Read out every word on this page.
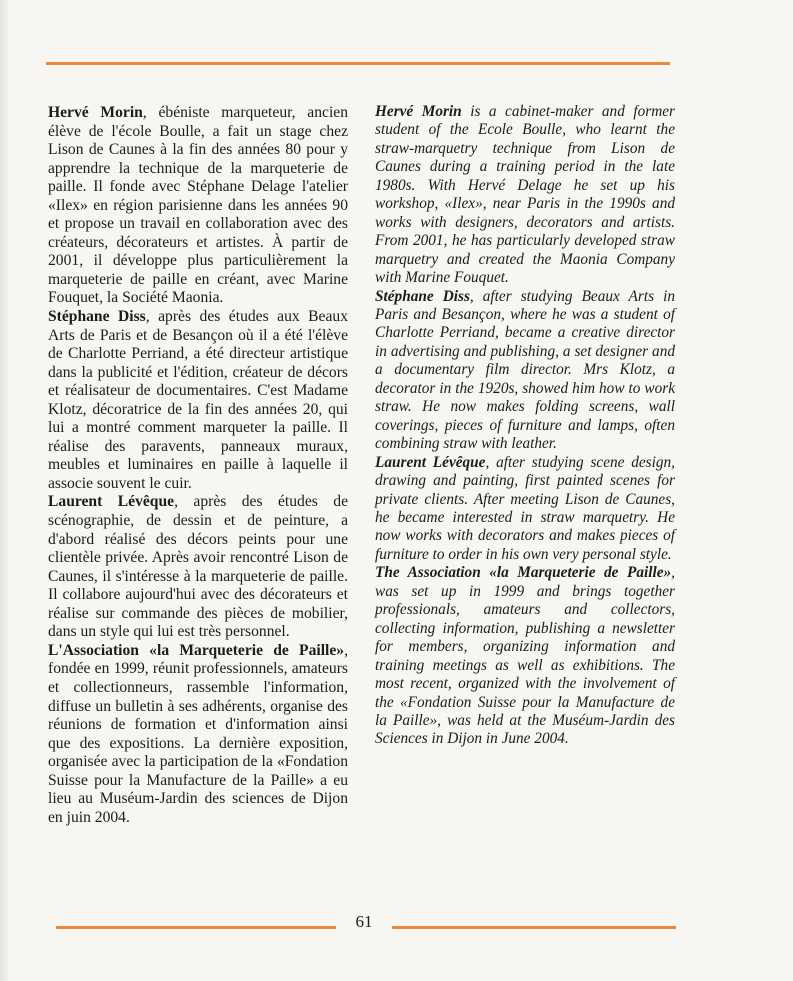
Hervé Morin, ébéniste marqueteur, ancien élève de l'école Boulle, a fait un stage chez Lison de Caunes à la fin des années 80 pour y apprendre la technique de la marqueterie de paille. Il fonde avec Stéphane Delage l'atelier «Ilex» en région parisienne dans les années 90 et propose un travail en collaboration avec des créateurs, décorateurs et artistes. À partir de 2001, il développe plus particulièrement la marqueterie de paille en créant, avec Marine Fouquet, la Société Maonia.

Stéphane Diss, après des études aux Beaux Arts de Paris et de Besançon où il a été l'élève de Charlotte Perriand, a été directeur artistique dans la publicité et l'édition, créateur de décors et réalisateur de documentaires. C'est Madame Klotz, décoratrice de la fin des années 20, qui lui a montré comment marqueter la paille. Il réalise des paravents, panneaux muraux, meubles et luminaires en paille à laquelle il associe souvent le cuir.

Laurent Lévêque, après des études de scénographie, de dessin et de peinture, a d'abord réalisé des décors peints pour une clientèle privée. Après avoir rencontré Lison de Caunes, il s'intéresse à la marqueterie de paille. Il collabore aujourd'hui avec des décorateurs et réalise sur commande des pièces de mobilier, dans un style qui lui est très personnel.

L'Association «la Marqueterie de Paille», fondée en 1999, réunit professionnels, amateurs et collectionneurs, rassemble l'information, diffuse un bulletin à ses adhérents, organise des réunions de formation et d'information ainsi que des expositions. La dernière exposition, organisée avec la participation de la «Fondation Suisse pour la Manufacture de la Paille» a eu lieu au Muséum-Jardin des sciences de Dijon en juin 2004.

Hervé Morin is a cabinet-maker and former student of the Ecole Boulle, who learnt the straw-marquetry technique from Lison de Caunes during a training period in the late 1980s. With Hervé Delage he set up his workshop, «Ilex», near Paris in the 1990s and works with designers, decorators and artists. From 2001, he has particularly developed straw marquetry and created the Maonia Company with Marine Fouquet.

Stéphane Diss, after studying Beaux Arts in Paris and Besançon, where he was a student of Charlotte Perriand, became a creative director in advertising and publishing, a set designer and a documentary film director. Mrs Klotz, a decorator in the 1920s, showed him how to work straw. He now makes folding screens, wall coverings, pieces of furniture and lamps, often combining straw with leather.

Laurent Lévêque, after studying scene design, drawing and painting, first painted scenes for private clients. After meeting Lison de Caunes, he became interested in straw marquetry. He now works with decorators and makes pieces of furniture to order in his own very personal style.

The Association «la Marqueterie de Paille», was set up in 1999 and brings together professionals, amateurs and collectors, collecting information, publishing a newsletter for members, organizing information and training meetings as well as exhibitions. The most recent, organized with the involvement of the «Fondation Suisse pour la Manufacture de la Paille», was held at the Muséum-Jardin des Sciences in Dijon in June 2004.

61
